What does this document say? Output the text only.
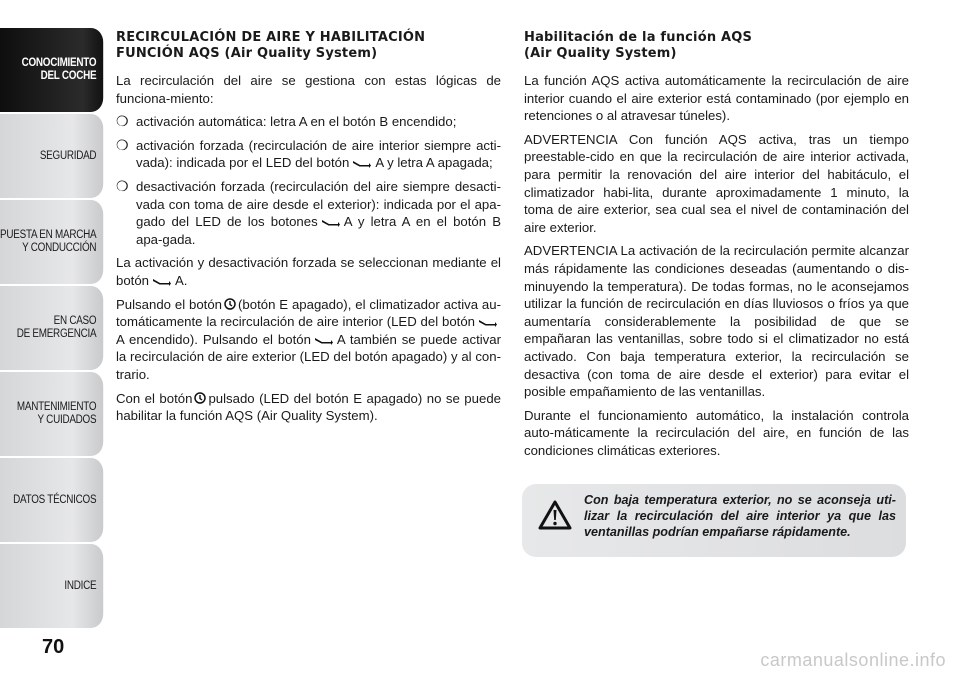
CONOCIMIENTO
DEL COCHE
SEGURIDAD
PUESTA EN MARCHA
Y CONDUCCIÓN
EN CASO
DE EMERGENCIA
MANTENIMIENTO
Y CUIDADOS
DATOS TÉCNICOS
INDICE
70
RECIRCULACIÓN DE AIRE Y HABILITACIÓN
FUNCIÓN AQS (Air Quality System)

La recirculación del aire se gestiona con estas lógicas de funciona-miento:

❍ activación automática: letra A en el botón B encendido;
❍ activación forzada (recirculación de aire interior siempre acti-vada): indicada por el LED del botón A y letra A apagada;
❍ desactivación forzada (recirculación del aire siempre desacti-vada con toma de aire desde el exterior): indicada por el apa-gado del LED de los botones A y letra A en el botón B apa-gada.

La activación y desactivación forzada se seleccionan mediante el botón A.

Pulsando el botón (botón E apagado), el climatizador activa au-tomáticamente la recirculación de aire interior (LED del botónA encendido). Pulsando el botón A también se puede activar la recirculación de aire exterior (LED del botón apagado) y al con-trario.

Con el botón pulsado (LED del botón E apagado) no se puede habilitar la función AQS (Air Quality System).

Habilitación de la función AQS
(Air Quality System)

La función AQS activa automáticamente la recirculación de aire interior cuando el aire exterior está contaminado (por ejemplo en retenciones o al atravesar túneles).

ADVERTENCIA Con función AQS activa, tras un tiempo preestable-cido en que la recirculación de aire interior activada, para permitir la renovación del aire interior del habitáculo, el climatizador habi-lita, durante aproximadamente 1 minuto, la toma de aire exterior, sea cual sea el nivel de contaminación del aire exterior.

ADVERTENCIA La activación de la recirculación permite alcanzar más rápidamente las condiciones deseadas (aumentando o dis-minuyendo la temperatura). De todas formas, no le aconsejamos utilizar la función de recirculación en días lluviosos o fríos ya que aumentaría considerablemente la posibilidad de que se empañaran las ventanillas, sobre todo si el climatizador no está activado. Con baja temperatura exterior, la recirculación se desactiva (con toma de aire desde el exterior) para evitar el posible empañamiento de las ventanillas.

Durante el funcionamiento automático, la instalación controla auto-máticamente la recirculación del aire, en función de las condiciones climáticas exteriores.

Con baja temperatura exterior, no se aconseja uti-lizar la recirculación del aire interior ya que las ventanillas podrían empañarse rápidamente.
carmanualsonline.info
